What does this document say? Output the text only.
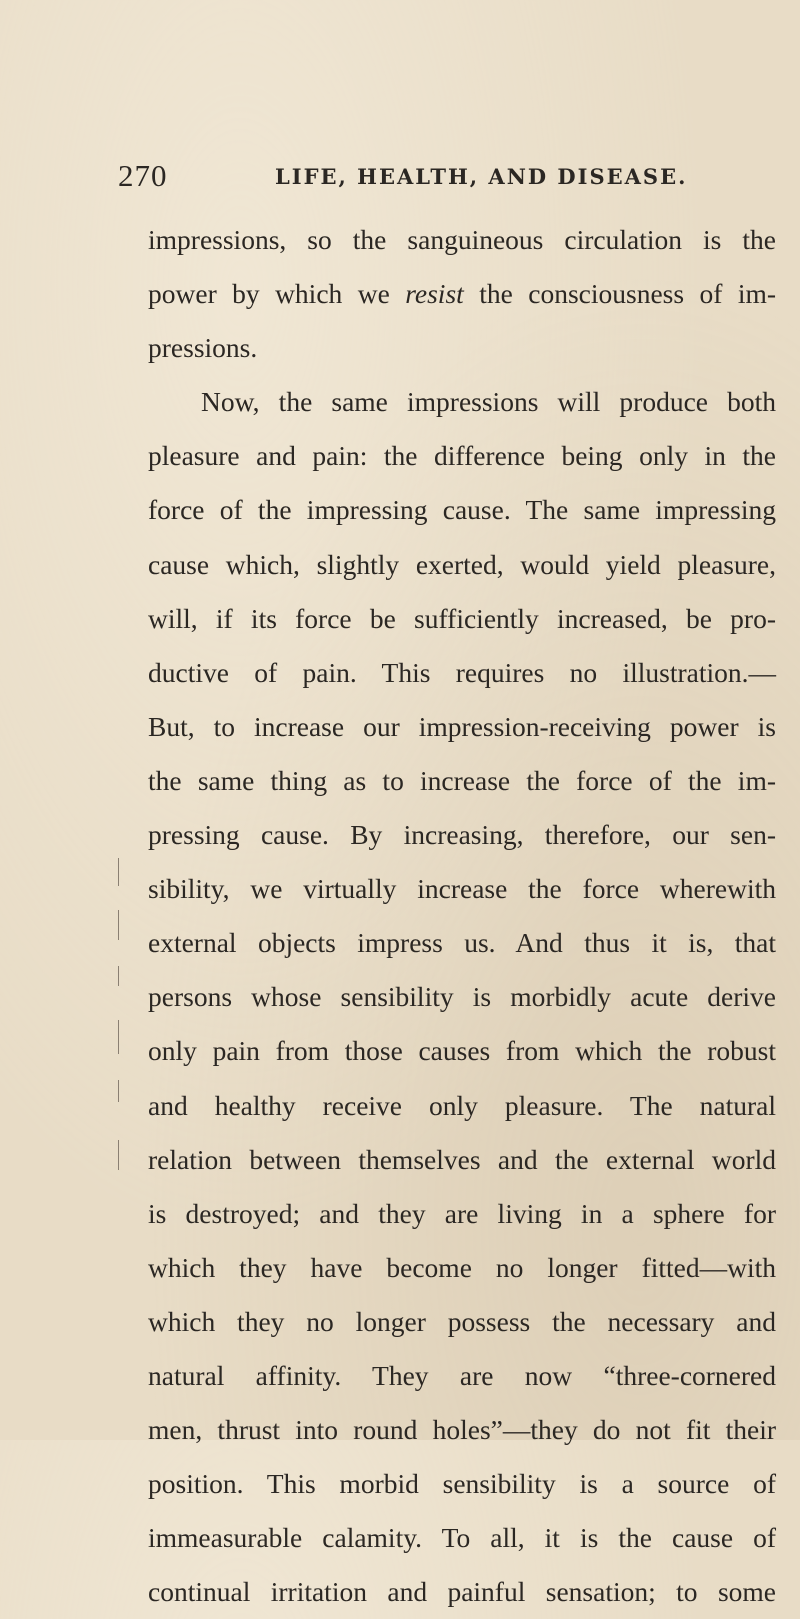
270	LIFE, HEALTH, AND DISEASE.
impressions, so the sanguineous circulation is the
power by which we resist the consciousness of im-
pressions.
Now, the same impressions will produce both
pleasure and pain: the difference being only in the
force of the impressing cause. The same impressing
cause which, slightly exerted, would yield pleasure,
will, if its force be sufficiently increased, be pro-
ductive of pain. This requires no illustration.—
But, to increase our impression-receiving power is
the same thing as to increase the force of the im-
pressing cause. By increasing, therefore, our sen-
sibility, we virtually increase the force wherewith
external objects impress us. And thus it is, that
persons whose sensibility is morbidly acute derive
only pain from those causes from which the robust
and healthy receive only pleasure. The natural
relation between themselves and the external world
is destroyed; and they are living in a sphere for
which they have become no longer fitted—with
which they no longer possess the necessary and
natural affinity. They are now “three-cornered
men, thrust into round holes”—they do not fit their
position. This morbid sensibility is a source of
immeasurable calamity. To all, it is the cause of
continual irritation and painful sensation; to some
